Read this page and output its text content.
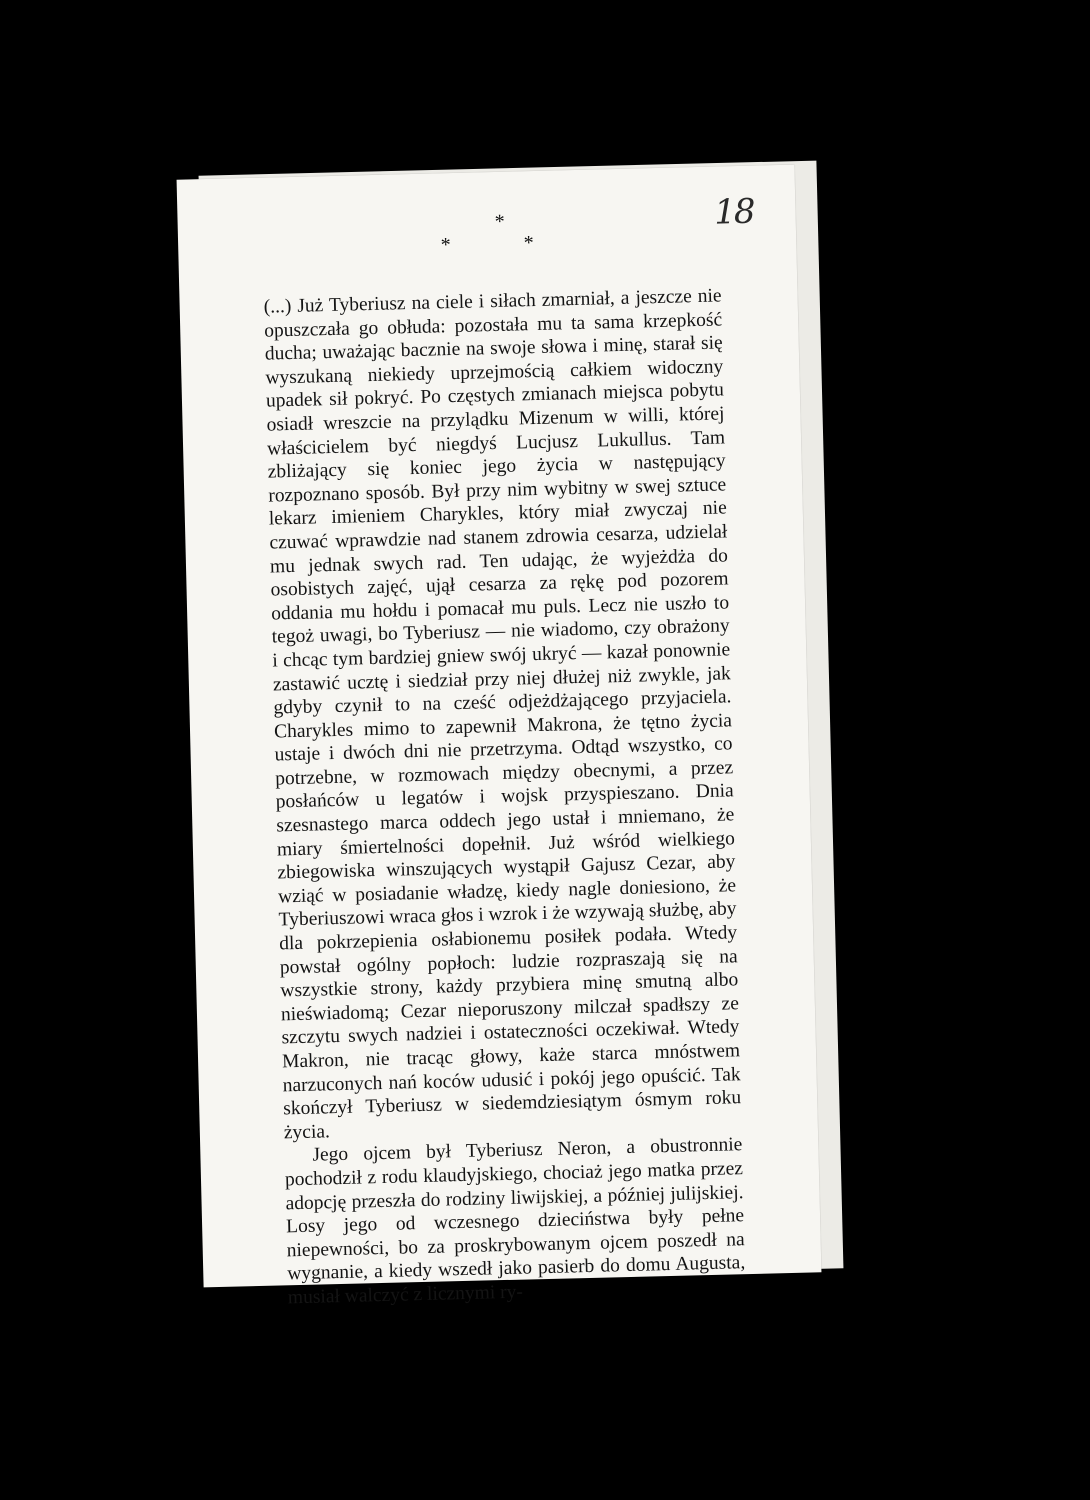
18
*
* *

(...) Już Tyberiusz na ciele i siłach zmarniał, a jeszcze nie opuszczała go obłuda: pozostała mu ta sama krzepkość ducha; uważając bacznie na swoje słowa i minę, starał się wyszukaną niekiedy uprzejmością całkiem widoczny upadek sił pokryć. Po częstych zmianach miejsca pobytu osiadł wreszcie na przylądku Mizenum w willi, której właścicielem być niegdyś Lucjusz Lukullus. Tam zbliżający się koniec jego życia w następujący rozpoznano sposób. Był przy nim wybitny w swej sztuce lekarz imieniem Charykles, który miał zwyczaj nie czuwać wprawdzie nad stanem zdrowia cesarza, udzielał mu jednak swych rad. Ten udając, że wyjeżdża do osobistych zajęć, ujął cesarza za rękę pod pozorem oddania mu hołdu i pomacał mu puls. Lecz nie uszło to tegoż uwagi, bo Tyberiusz — nie wiadomo, czy obrażony i chcąc tym bardziej gniew swój ukryć — kazał ponownie zastawić ucztę i siedział przy niej dłużej niż zwykle, jak gdyby czynił to na cześć odjeżdżającego przyjaciela. Charykles mimo to zapewnił Makrona, że tętno życia ustaje i dwóch dni nie przetrzyma. Odtąd wszystko, co potrzebne, w rozmowach między obecnymi, a przez posłańców u legatów i wojsk przyspieszano. Dnia szesnastego marca oddech jego ustał i mniemano, że miary śmiertelności dopełnił. Już wśród wielkiego zbiegowiska winszujących wystąpił Gajusz Cezar, aby wziąć w posiadanie władzę, kiedy nagle doniesiono, że Tyberiuszowi wraca głos i wzrok i że wzywają służbę, aby dla pokrzepienia osłabionemu posiłek podała. Wtedy powstał ogólny popłoch: ludzie rozpraszają się na wszystkie strony, każdy przybiera minę smutną albo nieświadomą; Cezar nieporuszony milczał spadłszy ze szczytu swych nadziei i ostateczności oczekiwał. Wtedy Makron, nie tracąc głowy, każe starca mnóstwem narzuconych nań koców udusić i pokój jego opuścić. Tak skończył Tyberiusz w siedemdziesiątym ósmym roku życia.

Jego ojcem był Tyberiusz Neron, a obustronnie pochodził z rodu klaudyjskiego, chociaż jego matka przez adopcję przeszła do rodziny liwijskiej, a później julijskiej. Losy jego od wczesnego dzieciństwa były pełne niepewności, bo za proskrybowanym ojcem poszedł na wygnanie, a kiedy wszedł jako pasierb do domu Augusta, musiał walczyć z licznymi ry-
